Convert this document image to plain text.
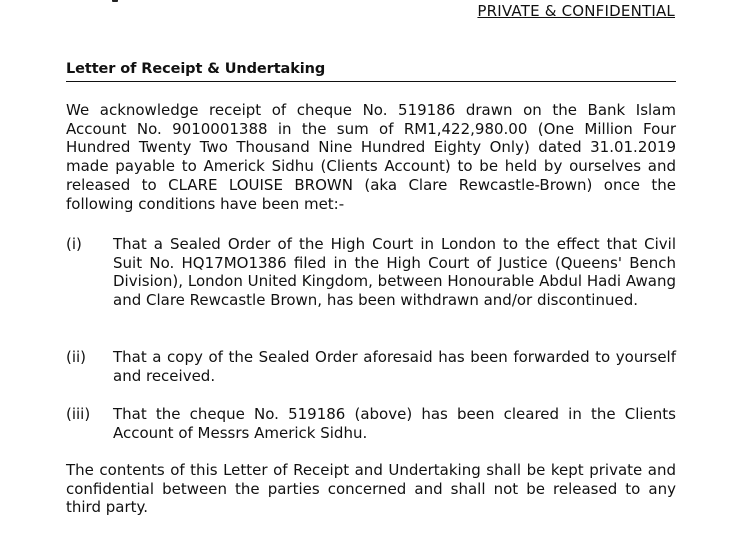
PRIVATE & CONFIDENTIAL
Letter of Receipt & Undertaking
We acknowledge receipt of cheque No. 519186 drawn on the Bank Islam Account No. 9010001388 in the sum of RM1,422,980.00 (One Million Four Hundred Twenty Two Thousand Nine Hundred Eighty Only) dated 31.01.2019 made payable to Americk Sidhu (Clients Account) to be held by ourselves and released to CLARE LOUISE BROWN (aka Clare Rewcastle-Brown) once the following conditions have been met:-
(i) That a Sealed Order of the High Court in London to the effect that Civil Suit No. HQ17MO1386 filed in the High Court of Justice (Queens' Bench Division), London United Kingdom, between Honourable Abdul Hadi Awang and Clare Rewcastle Brown, has been withdrawn and/or discontinued.
(ii) That a copy of the Sealed Order aforesaid has been forwarded to yourself and received.
(iii) That the cheque No. 519186 (above) has been cleared in the Clients Account of Messrs Americk Sidhu.
The contents of this Letter of Receipt and Undertaking shall be kept private and confidential between the parties concerned and shall not be released to any third party.
